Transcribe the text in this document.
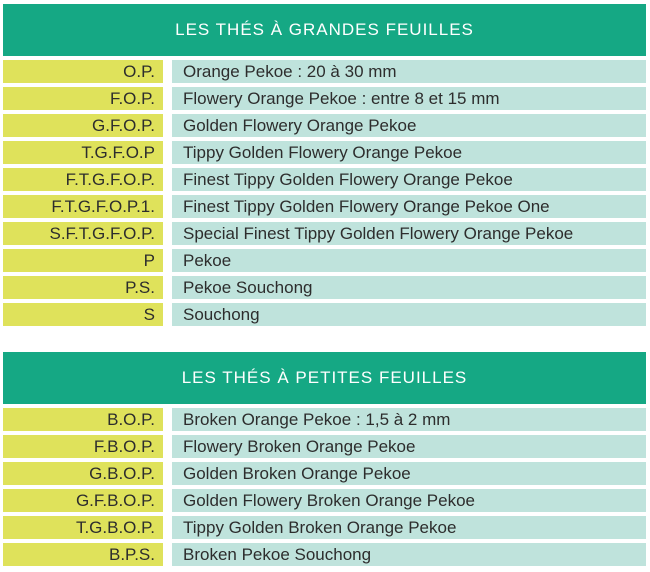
LES THÉS À GRANDES FEUILLES
O.P.	Orange Pekoe : 20 à 30 mm
F.O.P.	Flowery Orange Pekoe : entre 8 et 15 mm
G.F.O.P.	Golden Flowery Orange Pekoe
T.G.F.O.P	Tippy Golden Flowery Orange Pekoe
F.T.G.F.O.P.	Finest Tippy Golden Flowery Orange Pekoe
F.T.G.F.O.P.1.	Finest Tippy Golden Flowery Orange Pekoe One
S.F.T.G.F.O.P.	Special Finest Tippy Golden Flowery Orange Pekoe
P	Pekoe
P.S.	Pekoe Souchong
S	Souchong
LES THÉS À PETITES FEUILLES
B.O.P.	Broken Orange Pekoe : 1,5 à 2 mm
F.B.O.P.	Flowery Broken Orange Pekoe
G.B.O.P.	Golden Broken Orange Pekoe
G.F.B.O.P.	Golden Flowery Broken Orange Pekoe
T.G.B.O.P.	Tippy Golden Broken Orange Pekoe
B.P.S.	Broken Pekoe Souchong
